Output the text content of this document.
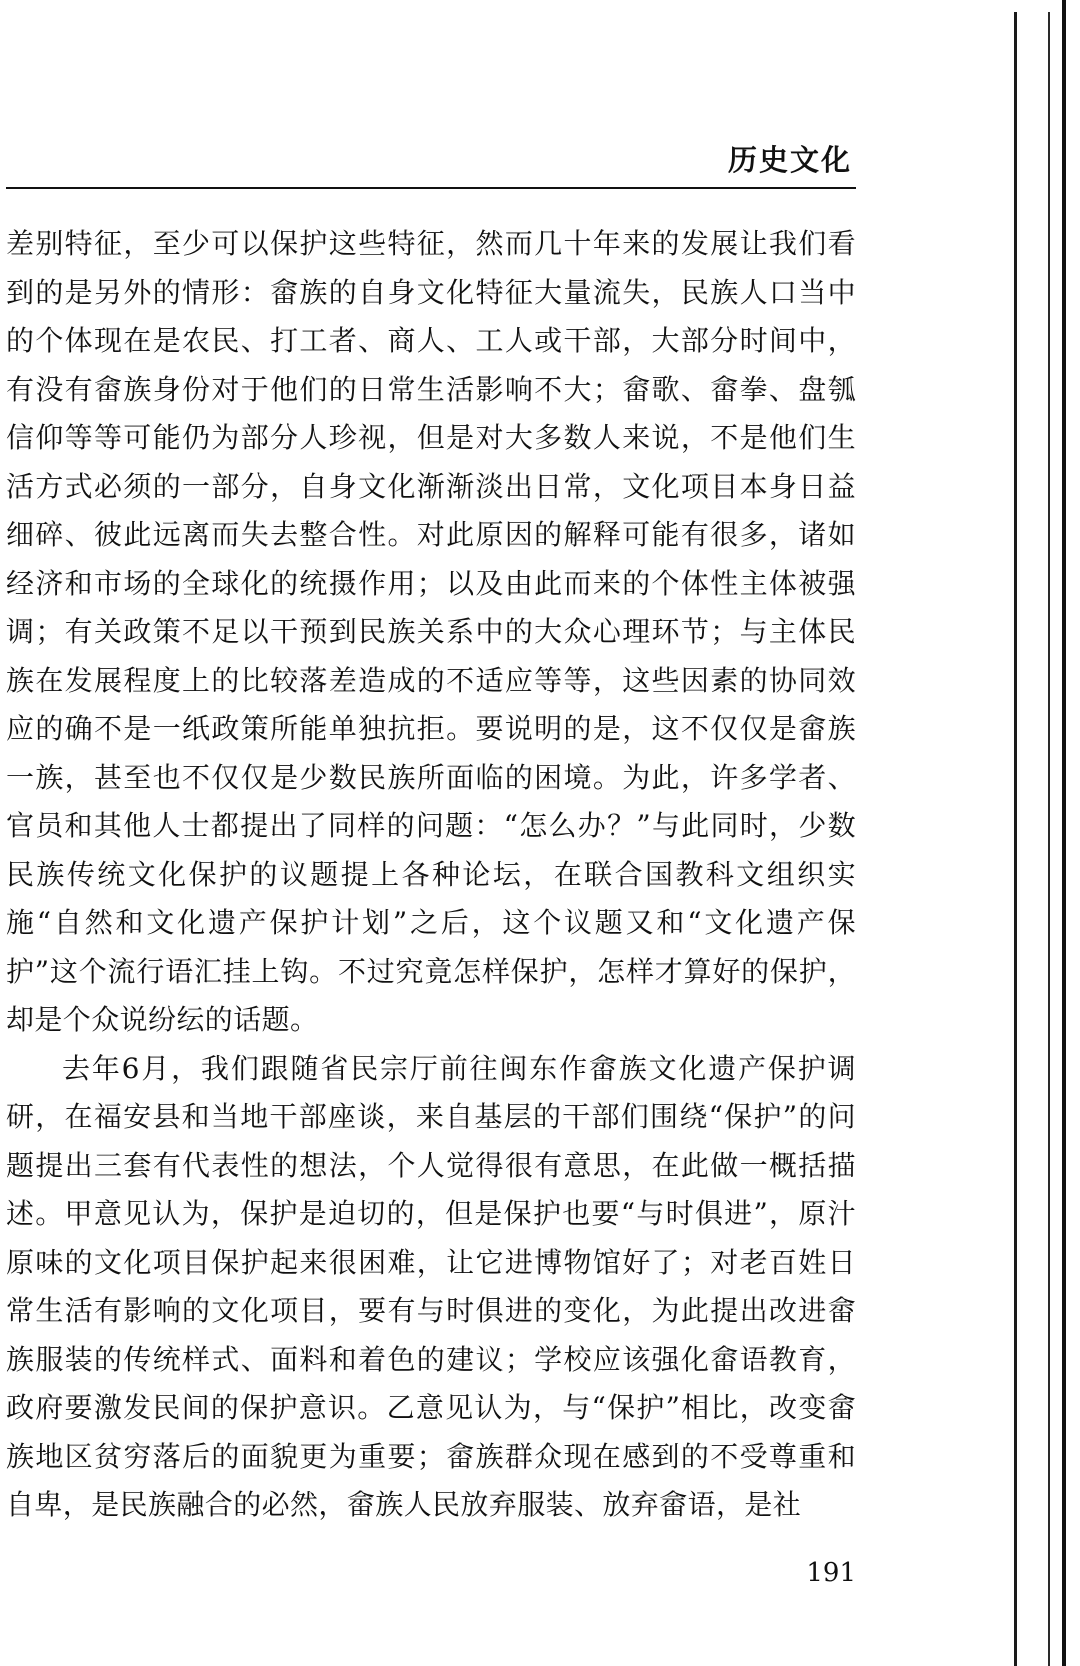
历史文化

差别特征，至少可以保护这些特征，然而几十年来的发展让我们看到的是另外的情形：畲族的自身文化特征大量流失，民族人口当中的个体现在是农民、打工者、商人、工人或干部，大部分时间中，有没有畲族身份对于他们的日常生活影响不大；畲歌、畲拳、盘瓠信仰等等可能仍为部分人珍视，但是对大多数人来说，不是他们生活方式必须的一部分，自身文化渐渐淡出日常，文化项目本身日益细碎、彼此远离而失去整合性。对此原因的解释可能有很多，诸如经济和市场的全球化的统摄作用；以及由此而来的个体性主体被强调；有关政策不足以干预到民族关系中的大众心理环节；与主体民族在发展程度上的比较落差造成的不适应等等，这些因素的协同效应的确不是一纸政策所能单独抗拒。要说明的是，这不仅仅是畲族一族，甚至也不仅仅是少数民族所面临的困境。为此，许多学者、官员和其他人士都提出了同样的问题：“怎么办？”与此同时，少数民族传统文化保护的议题提上各种论坛，在联合国教科文组织实施“自然和文化遗产保护计划”之后，这个议题又和“文化遗产保护”这个流行语汇挂上钩。不过究竟怎样保护，怎样才算好的保护，却是个众说纷纭的话题。

去年6月，我们跟随省民宗厅前往闽东作畲族文化遗产保护调研，在福安县和当地干部座谈，来自基层的干部们围绕“保护”的问题提出三套有代表性的想法，个人觉得很有意思，在此做一概括描述。甲意见认为，保护是迫切的，但是保护也要“与时俱进”，原汁原味的文化项目保护起来很困难，让它进博物馆好了；对老百姓日常生活有影响的文化项目，要有与时俱进的变化，为此提出改进畲族服装的传统样式、面料和着色的建议；学校应该强化畲语教育，政府要激发民间的保护意识。乙意见认为，与“保护”相比，改变畲族地区贫穷落后的面貌更为重要；畲族群众现在感到的不受尊重和自卑，是民族融合的必然，畲族人民放弃服装、放弃畲语，是社

191
